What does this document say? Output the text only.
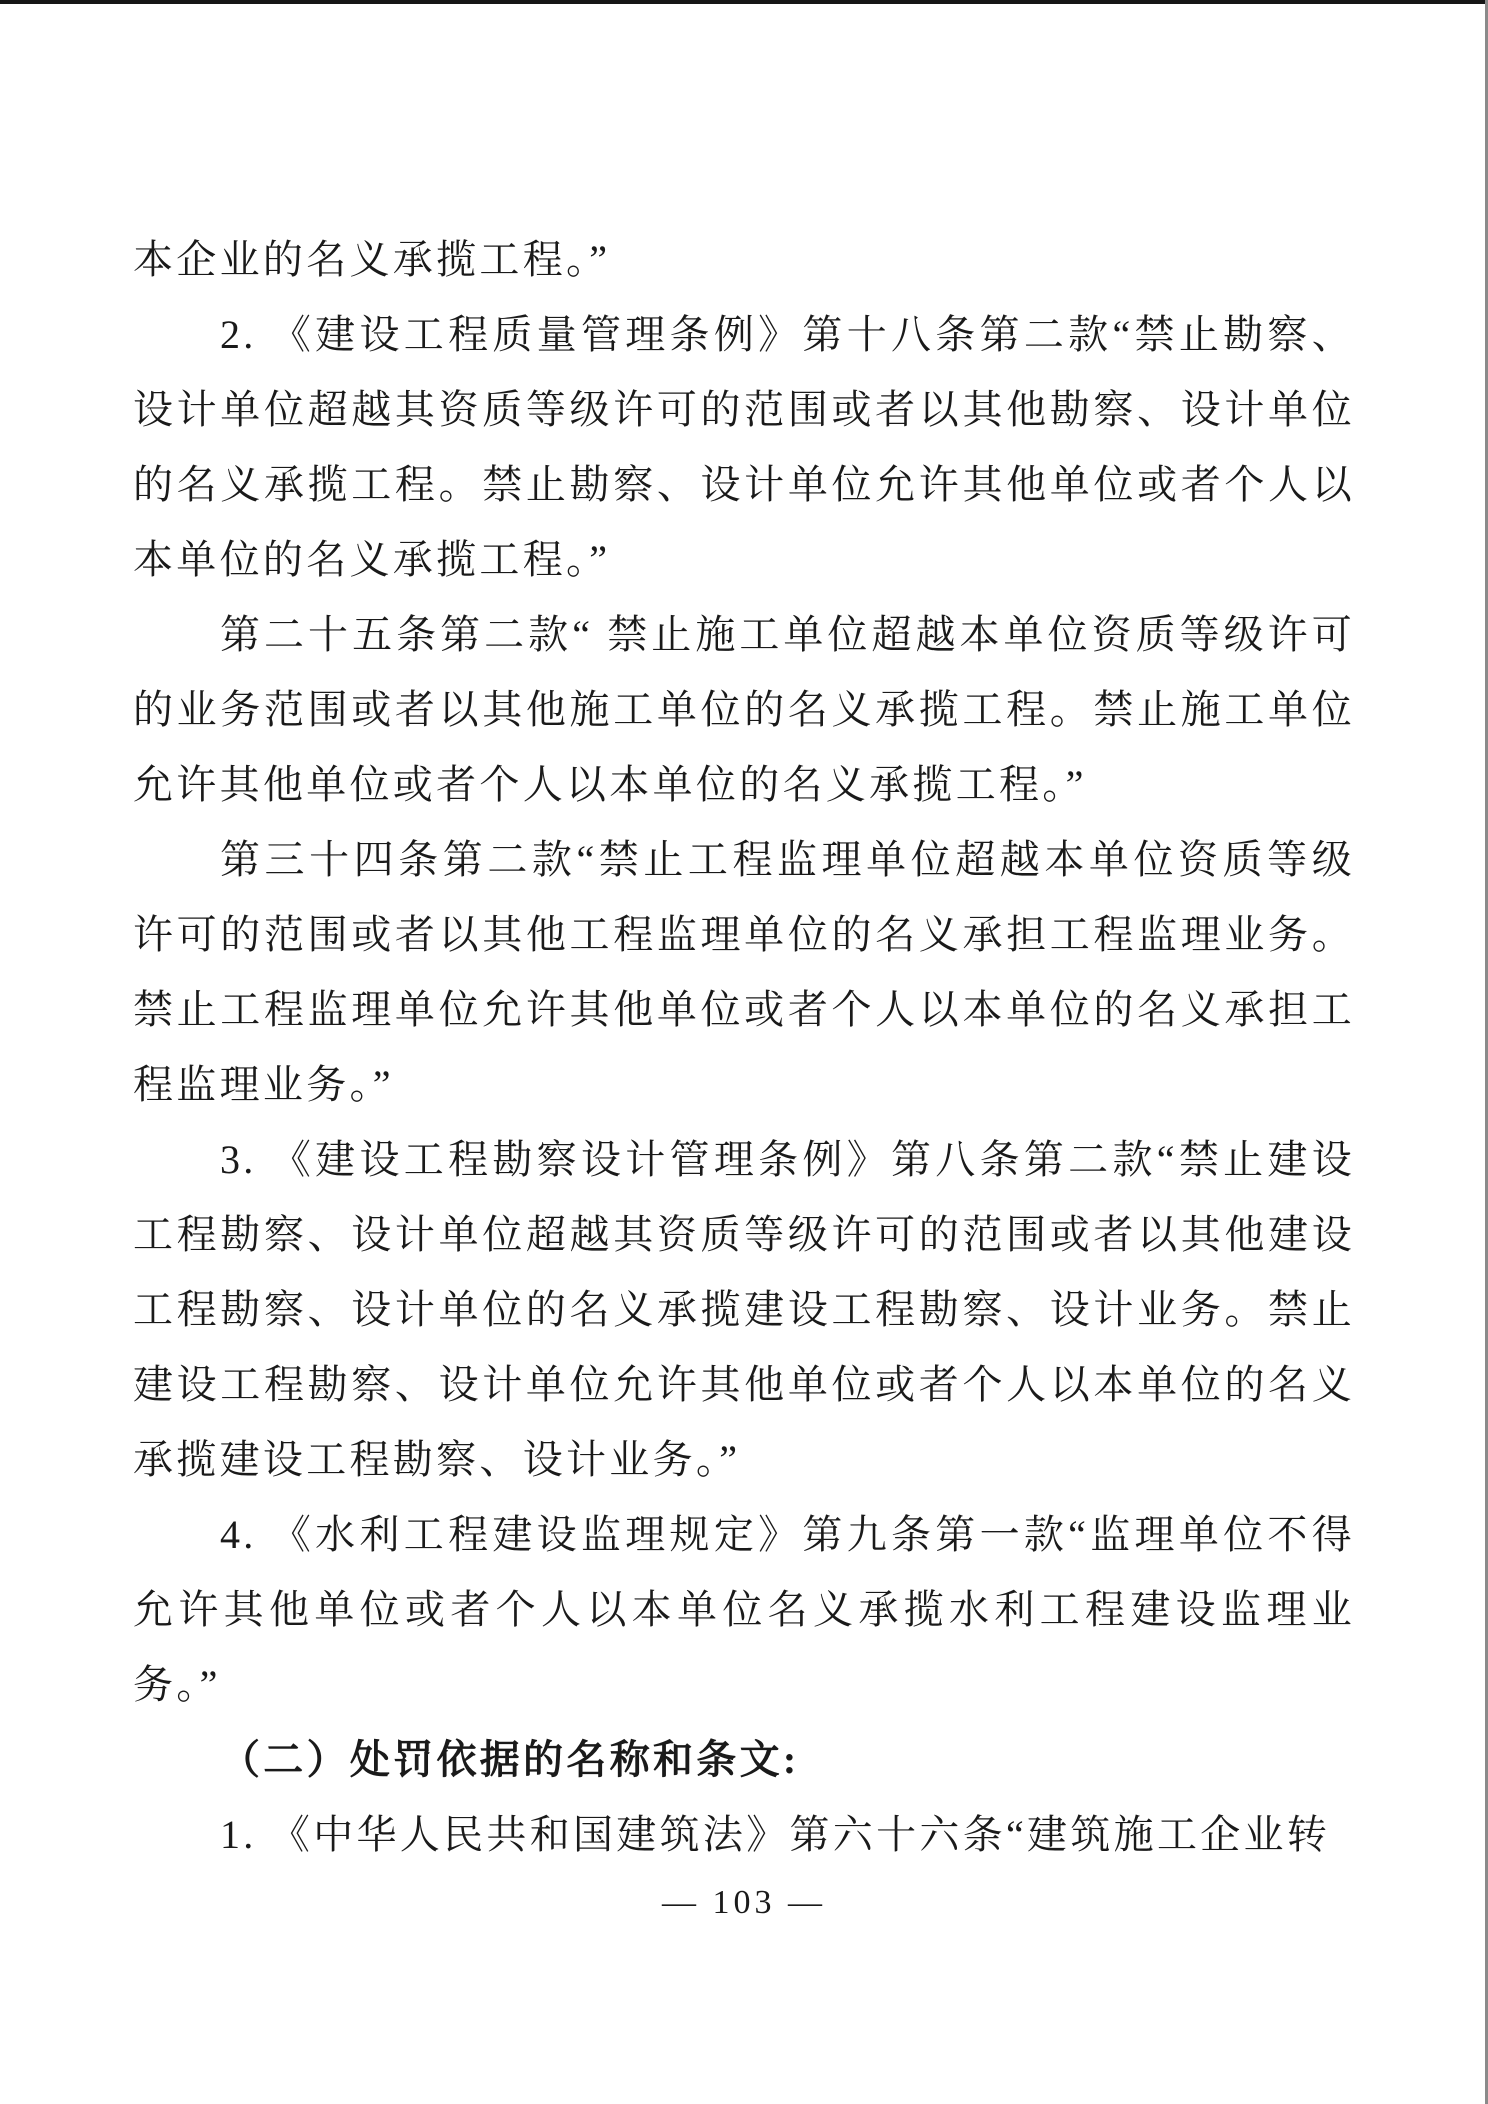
本企业的名义承揽工程。”

2. 《建设工程质量管理条例》第十八条第二款“禁止勘察、设计单位超越其资质等级许可的范围或者以其他勘察、设计单位的名义承揽工程。禁止勘察、设计单位允许其他单位或者个人以本单位的名义承揽工程。”

第二十五条第二款“ 禁止施工单位超越本单位资质等级许可的业务范围或者以其他施工单位的名义承揽工程。禁止施工单位允许其他单位或者个人以本单位的名义承揽工程。”

第三十四条第二款“禁止工程监理单位超越本单位资质等级许可的范围或者以其他工程监理单位的名义承担工程监理业务。禁止工程监理单位允许其他单位或者个人以本单位的名义承担工程监理业务。”

3. 《建设工程勘察设计管理条例》第八条第二款“禁止建设工程勘察、设计单位超越其资质等级许可的范围或者以其他建设工程勘察、设计单位的名义承揽建设工程勘察、设计业务。禁止建设工程勘察、设计单位允许其他单位或者个人以本单位的名义承揽建设工程勘察、设计业务。”

4. 《水利工程建设监理规定》第九条第一款“监理单位不得允许其他单位或者个人以本单位名义承揽水利工程建设监理业务。”

（二）处罚依据的名称和条文:

1. 《中华人民共和国建筑法》第六十六条“建筑施工企业转

— 103 —
